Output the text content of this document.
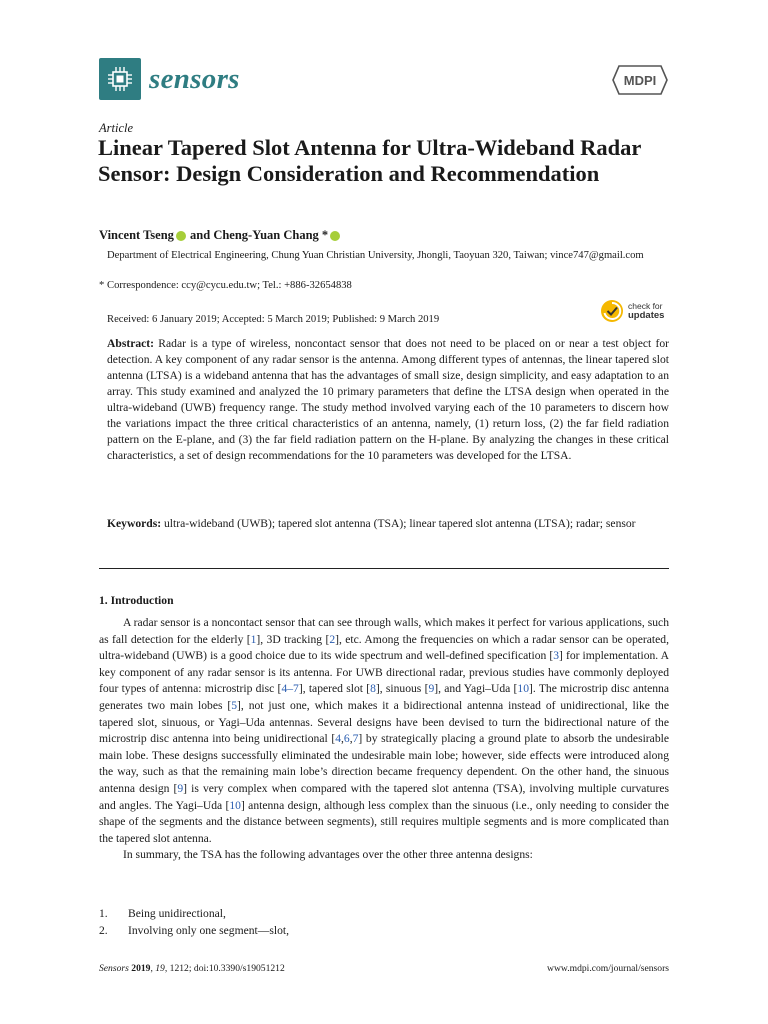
sensors	MDPI
Article
Linear Tapered Slot Antenna for Ultra-Wideband Radar Sensor: Design Consideration and Recommendation
Vincent Tseng and Cheng-Yuan Chang *
Department of Electrical Engineering, Chung Yuan Christian University, Jhongli, Taoyuan 320, Taiwan; vince747@gmail.com
* Correspondence: ccy@cycu.edu.tw; Tel.: +886-32654838
Received: 6 January 2019; Accepted: 5 March 2019; Published: 9 March 2019
check for
updates
Abstract: Radar is a type of wireless, noncontact sensor that does not need to be placed on or near a test object for detection. A key component of any radar sensor is the antenna. Among different types of antennas, the linear tapered slot antenna (LTSA) is a wideband antenna that has the advantages of small size, design simplicity, and easy adaptation to an array. This study examined and analyzed the 10 primary parameters that define the LTSA design when operated in the ultra-wideband (UWB) frequency range. The study method involved varying each of the 10 parameters to discern how the variations impact the three critical characteristics of an antenna, namely, (1) return loss, (2) the far field radiation pattern on the E-plane, and (3) the far field radiation pattern on the H-plane. By analyzing the changes in these critical characteristics, a set of design recommendations for the 10 parameters was developed for the LTSA.
Keywords: ultra-wideband (UWB); tapered slot antenna (TSA); linear tapered slot antenna (LTSA); radar; sensor
1. Introduction

A radar sensor is a noncontact sensor that can see through walls, which makes it perfect for various applications, such as fall detection for the elderly [1], 3D tracking [2], etc. Among the frequencies on which a radar sensor can be operated, ultra-wideband (UWB) is a good choice due to its wide spectrum and well-defined specification [3] for implementation. A key component of any radar sensor is its antenna. For UWB directional radar, previous studies have commonly deployed four types of antenna: microstrip disc [4–7], tapered slot [8], sinuous [9], and Yagi–Uda [10]. The microstrip disc antenna generates two main lobes [5], not just one, which makes it a bidirectional antenna instead of unidirectional, like the tapered slot, sinuous, or Yagi–Uda antennas. Several designs have been devised to turn the bidirectional nature of the microstrip disc antenna into being unidirectional [4,6,7] by strategically placing a ground plate to absorb the undesirable main lobe. These designs successfully eliminated the undesirable main lobe; however, side effects were introduced along the way, such as that the remaining main lobe’s direction became frequency dependent. On the other hand, the sinuous antenna design [9] is very complex when compared with the tapered slot antenna (TSA), involving multiple curvatures and angles. The Yagi–Uda [10] antenna design, although less complex than the sinuous (i.e., only needing to consider the shape of the segments and the distance between segments), still requires multiple segments and is more complicated than the tapered slot antenna.

In summary, the TSA has the following advantages over the other three antenna designs:

1.	Being unidirectional,
2.	Involving only one segment—slot,
Sensors 2019, 19, 1212; doi:10.3390/s19051212	www.mdpi.com/journal/sensors
